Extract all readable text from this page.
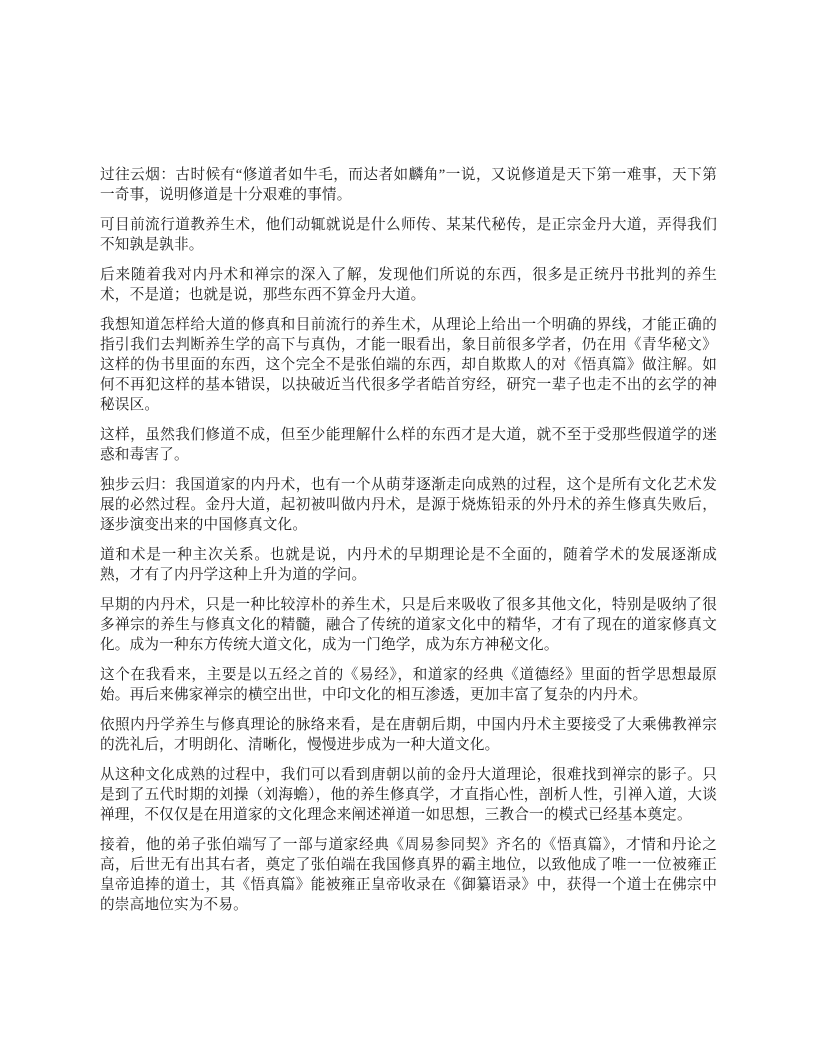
过往云烟：古时候有“修道者如牛毛，而达者如麟角”一说，又说修道是天下第一难事，天下第一奇事，说明修道是十分艰难的事情。

可目前流行道教养生术，他们动辄就说是什么师传、某某代秘传，是正宗金丹大道，弄得我们不知孰是孰非。

后来随着我对内丹术和禅宗的深入了解，发现他们所说的东西，很多是正统丹书批判的养生术，不是道；也就是说，那些东西不算金丹大道。

我想知道怎样给大道的修真和目前流行的养生术，从理论上给出一个明确的界线，才能正确的指引我们去判断养生学的高下与真伪，才能一眼看出，象目前很多学者，仍在用《青华秘文》这样的伪书里面的东西，这个完全不是张伯端的东西，却自欺欺人的对《悟真篇》做注解。如何不再犯这样的基本错误，以抉破近当代很多学者皓首穷经，研究一辈子也走不出的玄学的神秘误区。

这样，虽然我们修道不成，但至少能理解什么样的东西才是大道，就不至于受那些假道学的迷惑和毒害了。

独步云归：我国道家的内丹术，也有一个从萌芽逐渐走向成熟的过程，这个是所有文化艺术发展的必然过程。金丹大道，起初被叫做内丹术，是源于烧炼铅汞的外丹术的养生修真失败后，逐步演变出来的中国修真文化。

道和术是一种主次关系。也就是说，内丹术的早期理论是不全面的，随着学术的发展逐渐成熟，才有了内丹学这种上升为道的学问。

早期的内丹术，只是一种比较淳朴的养生术，只是后来吸收了很多其他文化，特别是吸纳了很多禅宗的养生与修真文化的精髓，融合了传统的道家文化中的精华，才有了现在的道家修真文化。成为一种东方传统大道文化，成为一门绝学，成为东方神秘文化。

这个在我看来，主要是以五经之首的《易经》，和道家的经典《道德经》里面的哲学思想最原始。再后来佛家禅宗的横空出世，中印文化的相互渗透，更加丰富了复杂的内丹术。

依照内丹学养生与修真理论的脉络来看，是在唐朝后期，中国内丹术主要接受了大乘佛教禅宗的洗礼后，才明朗化、清晰化，慢慢进步成为一种大道文化。

从这种文化成熟的过程中，我们可以看到唐朝以前的金丹大道理论，很难找到禅宗的影子。只是到了五代时期的刘操（刘海蟾），他的养生修真学，才直指心性，剖析人性，引禅入道，大谈禅理，不仅仅是在用道家的文化理念来阐述禅道一如思想，三教合一的模式已经基本奠定。

接着，他的弟子张伯端写了一部与道家经典《周易参同契》齐名的《悟真篇》，才情和丹论之高，后世无有出其右者，奠定了张伯端在我国修真界的霸主地位，以致他成了唯一一位被雍正皇帝追捧的道士，其《悟真篇》能被雍正皇帝收录在《御纂语录》中，获得一个道士在佛宗中的崇高地位实为不易。
